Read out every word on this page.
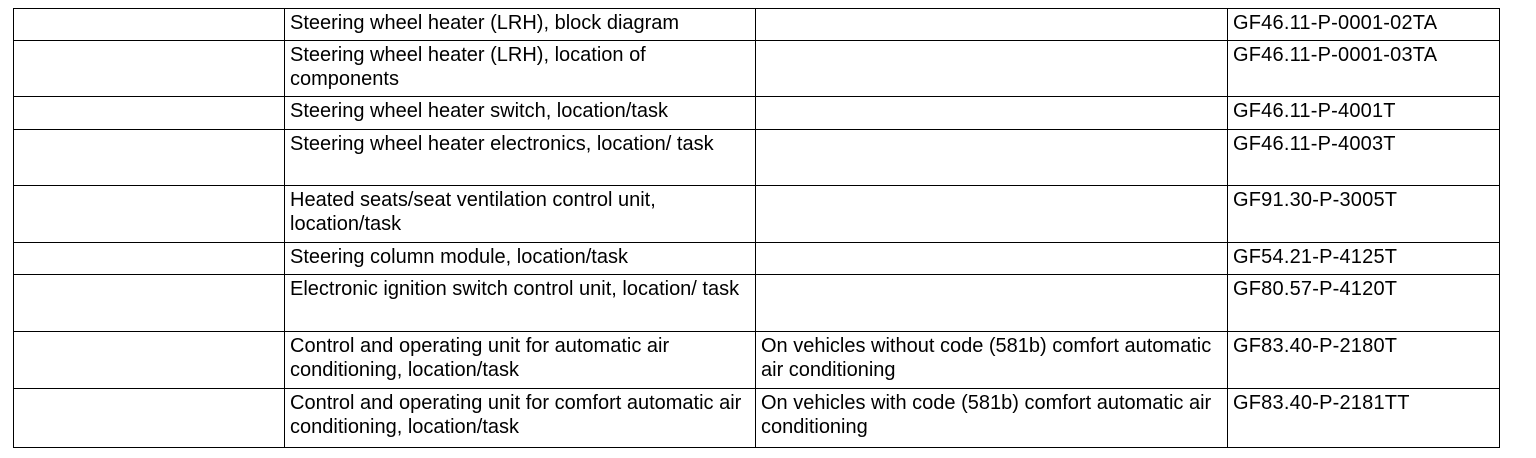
	Steering wheel heater (LRH), block diagram		GF46.11-P-0001-02TA
	Steering wheel heater (LRH), location of components		GF46.11-P-0001-03TA
	Steering wheel heater switch, location/task		GF46.11-P-4001T
	Steering wheel heater electronics, location/ task		GF46.11-P-4003T
	Heated seats/seat ventilation control unit, location/task		GF91.30-P-3005T
	Steering column module, location/task		GF54.21-P-4125T
	Electronic ignition switch control unit, location/ task		GF80.57-P-4120T
	Control and operating unit for automatic air conditioning, location/task	On vehicles without code (581b) comfort automatic air conditioning	GF83.40-P-2180T
	Control and operating unit for comfort automatic air conditioning, location/task	On vehicles with code (581b) comfort automatic air conditioning	GF83.40-P-2181TT
